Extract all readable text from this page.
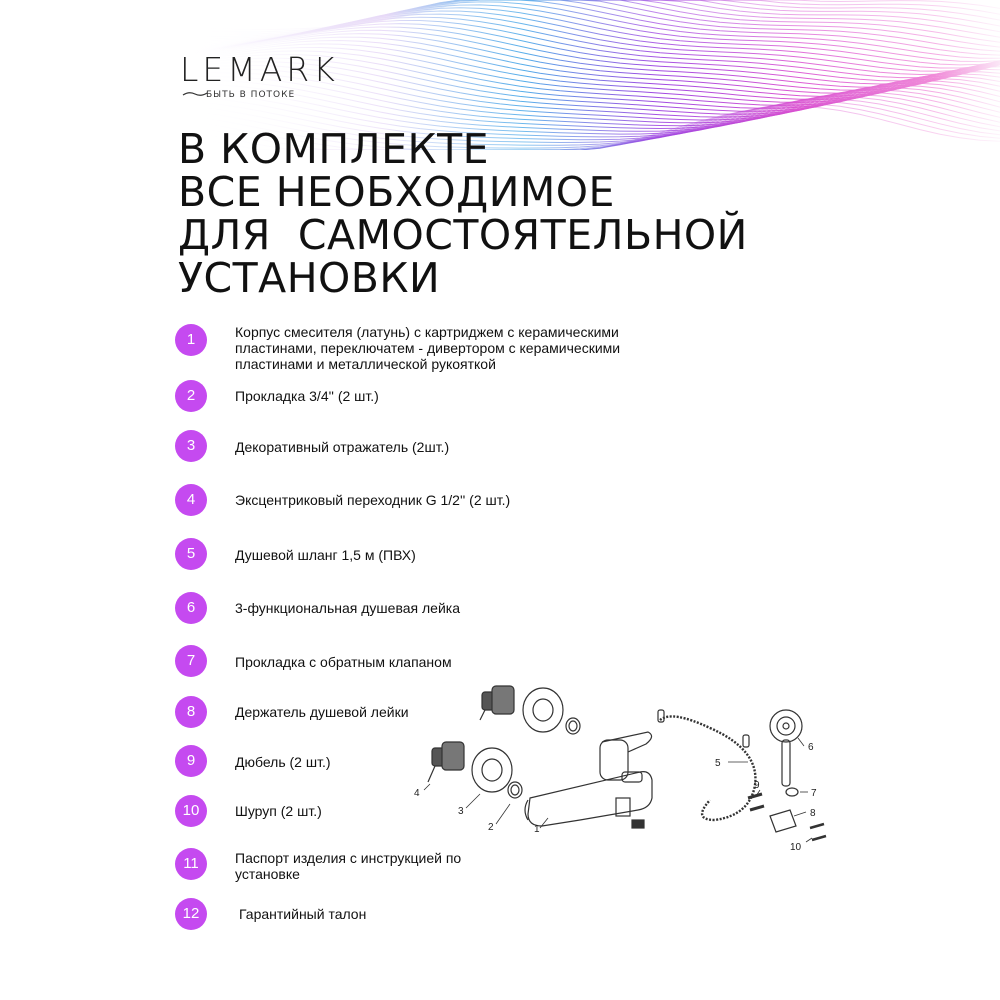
LEMARK
БЫТЬ В ПОТОКЕ
В КОМПЛЕКТЕ
ВСЕ НЕОБХОДИМОЕ
ДЛЯ  САМОСТОЯТЕЛЬНОЙ
УСТАНОВКИ
1	Корпус смесителя (латунь) с картриджем с керамическими пластинами, переключатем - дивертором с керамическими пластинами и металлической рукояткой
2	Прокладка 3/4'' (2 шт.)
3	Декоративный отражатель (2шт.)
4	Эксцентриковый переходник G 1/2'' (2 шт.)
5	Душевой шланг 1,5 м (ПВХ)
6	3-функциональная душевая лейка
7	Прокладка с обратным клапаном
8	Держатель душевой лейки
9	Дюбель (2 шт.)
10	Шуруп (2 шт.)
11	Паспорт изделия с инструкцией по установке
12	Гарантийный талон
4
3
2	1
5
6
7
8
9
10
